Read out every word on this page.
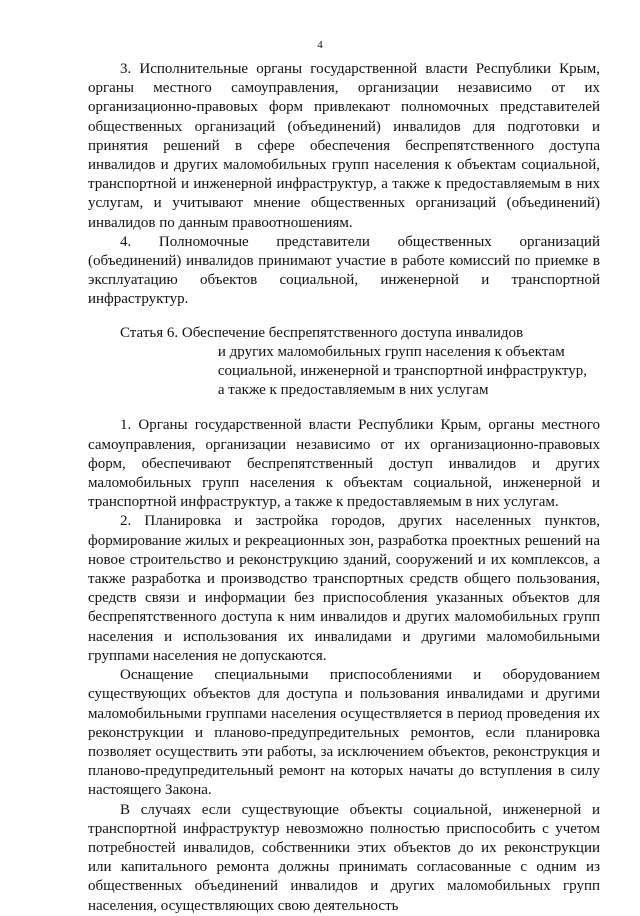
4

3. Исполнительные органы государственной власти Республики Крым, органы местного самоуправления, организации независимо от их организационно-правовых форм привлекают полномочных представителей общественных организаций (объединений) инвалидов для подготовки и принятия решений в сфере обеспечения беспрепятственного доступа инвалидов и других маломобильных групп населения к объектам социальной, транспортной и инженерной инфраструктур, а также к предоставляемым в них услугам, и учитывают мнение общественных организаций (объединений) инвалидов по данным правоотношениям.

4. Полномочные представители общественных организаций (объединений) инвалидов принимают участие в работе комиссий по приемке в эксплуатацию объектов социальной, инженерной и транспортной инфраструктур.

Статья 6.
Обеспечение беспрепятственного доступа инвалидов
и других маломобильных групп населения к объектам
социальной, инженерной и транспортной инфраструктур,
а также к предоставляемым в них услугам

1. Органы государственной власти Республики Крым, органы местного самоуправления, организации независимо от их организационно-правовых форм, обеспечивают беспрепятственный доступ инвалидов и других маломобильных групп населения к объектам социальной, инженерной и транспортной инфраструктур, а также к предоставляемым в них услугам.

2. Планировка и застройка городов, других населенных пунктов, формирование жилых и рекреационных зон, разработка проектных решений на новое строительство и реконструкцию зданий, сооружений и их комплексов, а также разработка и производство транспортных средств общего пользования, средств связи и информации без приспособления указанных объектов для беспрепятственного доступа к ним инвалидов и других маломобильных групп населения и использования их инвалидами и другими маломобильными группами населения не допускаются.

Оснащение специальными приспособлениями и оборудованием существующих объектов для доступа и пользования инвалидами и другими маломобильными группами населения осуществляется в период проведения их реконструкции и планово-предупредительных ремонтов, если планировка позволяет осуществить эти работы, за исключением объектов, реконструкция и планово-предупредительный ремонт на которых начаты до вступления в силу настоящего Закона.

В случаях если существующие объекты социальной, инженерной и транспортной инфраструктур невозможно полностью приспособить с учетом потребностей инвалидов, собственники этих объектов до их реконструкции или капитального ремонта должны принимать согласованные с одним из общественных объединений инвалидов и других маломобильных групп населения, осуществляющих свою деятельность
